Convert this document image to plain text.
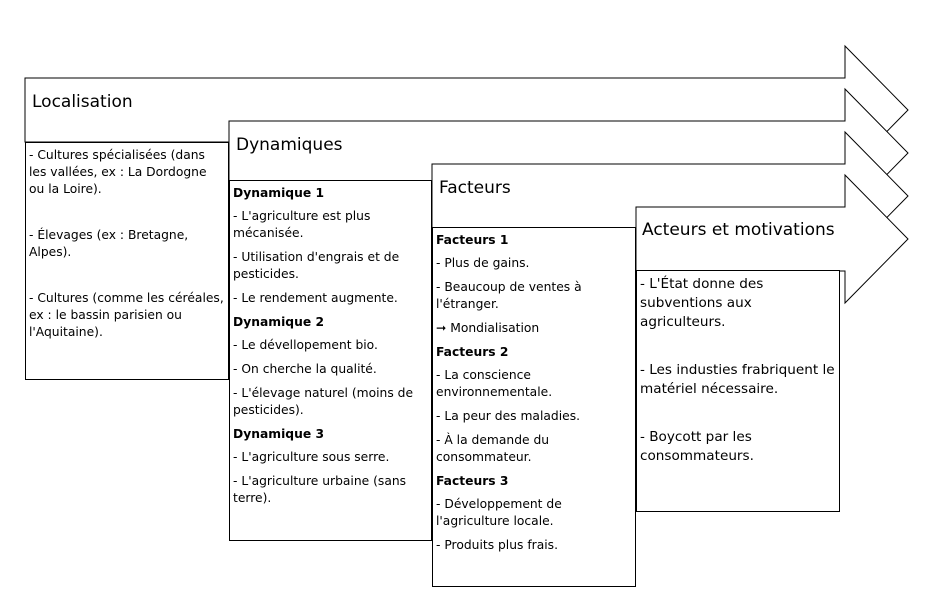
Localisation
Dynamiques
Facteurs
Acteurs et motivations

- Cultures spécialisées (dans les vallées, ex : La Dordogne ou la Loire).

- Élevages (ex : Bretagne, Alpes).

- Cultures (comme les céréales, ex : le bassin parisien ou l'Aquitaine).

Dynamique 1

- L'agriculture est plus mécanisée.

- Utilisation d'engrais et de pesticides.

- Le rendement augmente.

Dynamique 2

- Le dévellopement bio.

- On cherche la qualité.

- L'élevage naturel (moins de pesticides).

Dynamique 3

- L'agriculture sous serre.

- L'agriculture urbaine (sans terre).

Facteurs 1

- Plus de gains.

- Beaucoup de ventes à l'étranger.

➞ Mondialisation

Facteurs 2

- La conscience environnementale.

- La peur des maladies.

- À la demande du consommateur.

Facteurs 3

- Développement de l'agriculture locale.

- Produits plus frais.

- L'État donne des subventions aux agriculteurs.

- Les industies frabriquent le matériel nécessaire.

- Boycott par les consommateurs.
